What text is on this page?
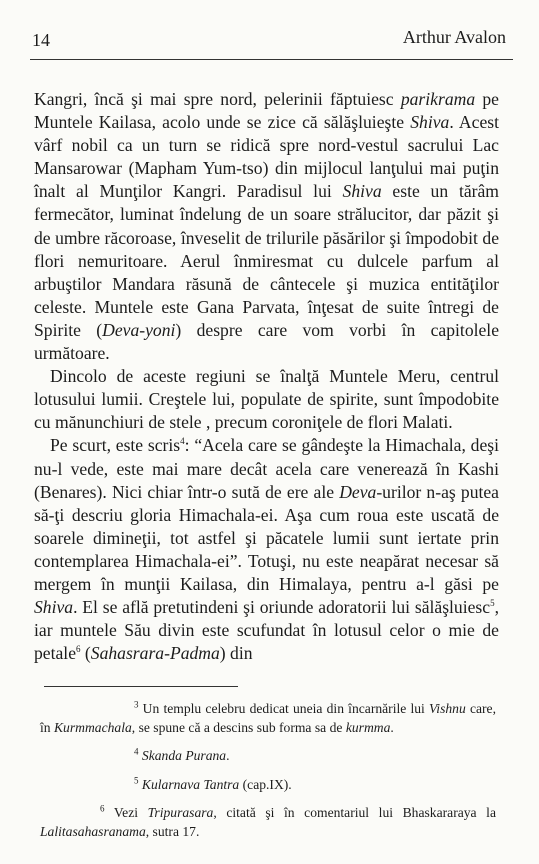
14	Arthur Avalon

Kangri, încă şi mai spre nord, pelerinii făptuiesc parikrama pe Muntele Kailasa, acolo unde se zice că sălăşluieşte Shiva. Acest vârf nobil ca un turn se ridică spre nord-vestul sacrului Lac Mansarowar (Mapham Yum-tso) din mijlocul lanţului mai puţin înalt al Munţilor Kangri. Paradisul lui Shiva este un tărâm fermecător, luminat îndelung de un soare strălucitor, dar păzit şi de umbre răcoroase, înveselit de trilurile păsărilor şi împodobit de flori nemuritoare. Aerul înmiresmat cu dulcele parfum al arbuştilor Mandara răsună de cântecele şi muzica entităţilor celeste. Muntele este Gana Parvata, înţesat de suite întregi de Spirite (Deva-yoni) despre care vom vorbi în capitolele următoare.

Dincolo de aceste regiuni se înalţă Muntele Meru, centrul lotusului lumii. Creştele lui, populate de spirite, sunt împodobite cu mănunchiuri de stele , precum coroniţele de flori Malati.

Pe scurt, este scris$^4$: “Acela care se gândeşte la Himachala, deşi nu-l vede, este mai mare decât acela care venerează în Kashi (Benares). Nici chiar într-o sută de ere ale Deva-urilor n-aş putea să-ţi descriu gloria Himachala-ei. Aşa cum roua este uscată de soarele dimineţii, tot astfel şi păcatele lumii sunt iertate prin contemplarea Himachala-ei”. Totuşi, nu este neapărat necesar să mergem în munţii Kailasa, din Himalaya, pentru a-l găsi pe Shiva. El se află pretutindeni şi oriunde adoratorii lui sălăşluiesc$^5$, iar muntele Său divin este scufundat în lotusul celor o mie de petale$^6$ (Sahasrara-Padma) din

$^3$ Un templu celebru dedicat uneia din încarnările lui Vishnu care, în Kurmmachala, se spune că a descins sub forma sa de kurmma.

$^4$ Skanda Purana.

$^5$ Kularnava Tantra (cap.IX).

$^6$ Vezi Tripurasara, citată şi în comentariul lui Bhaskararaya la Lalitasahasranama, sutra 17.
